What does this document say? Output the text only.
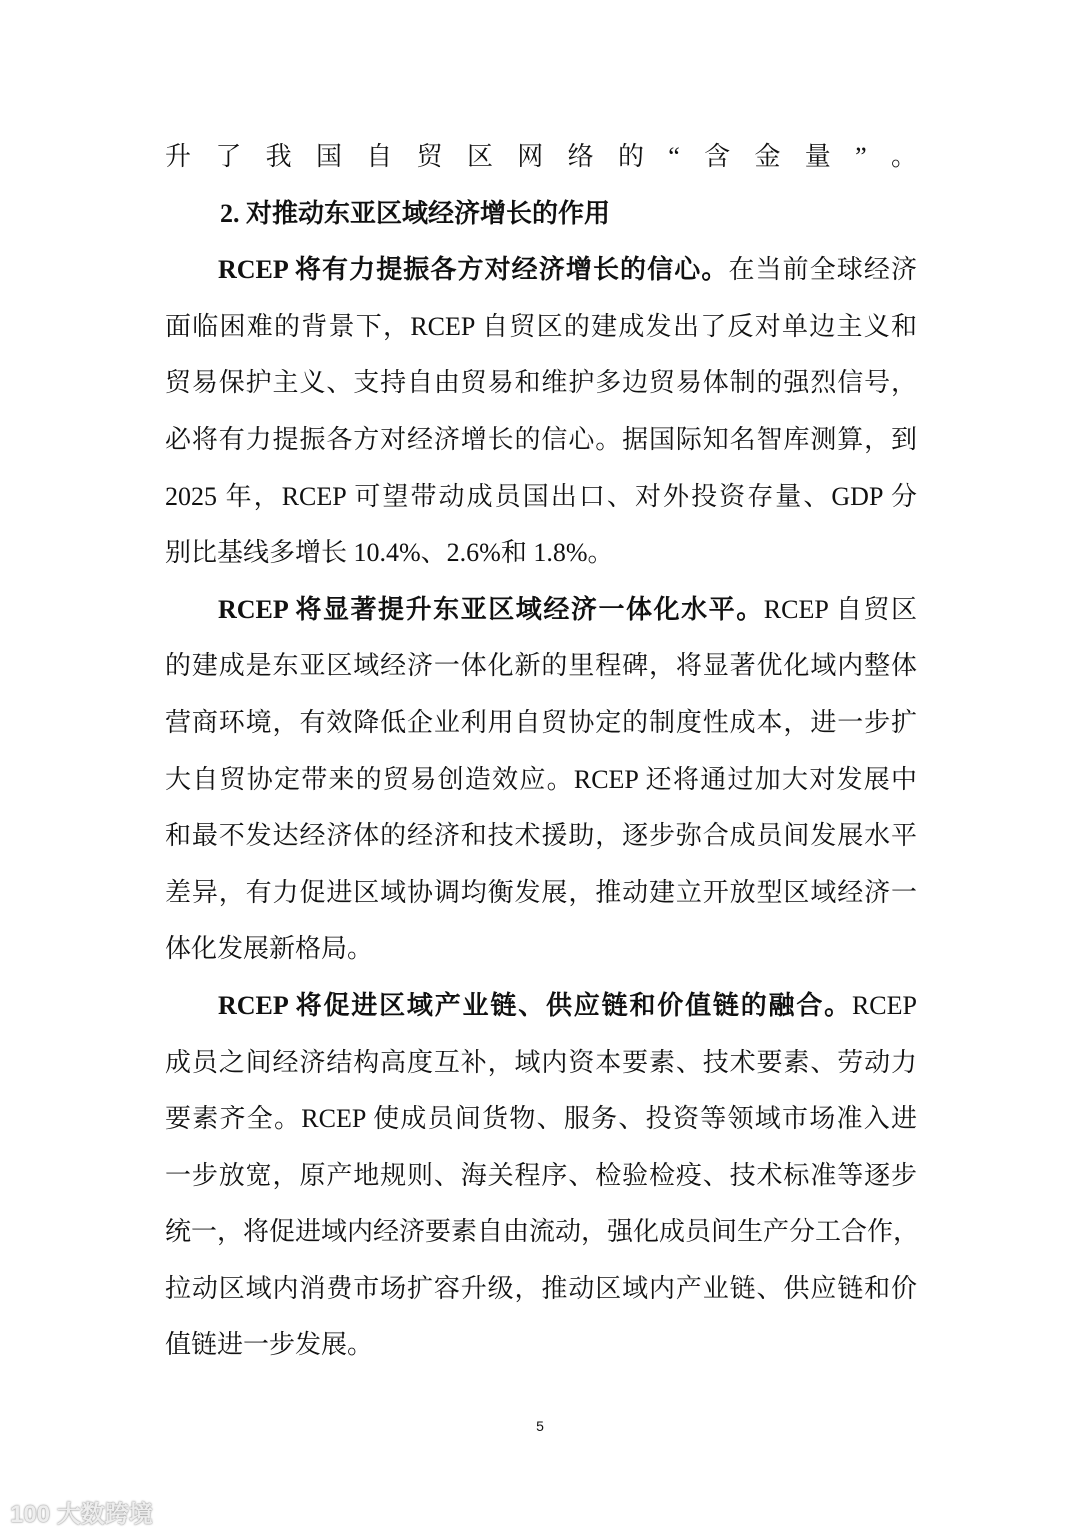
升了我国自贸区网络的“含金量”。
2. 对推动东亚区域经济增长的作用
RCEP 将有力提振各方对经济增长的信心。在当前全球经济
面临困难的背景下，RCEP 自贸区的建成发出了反对单边主义和
贸易保护主义、支持自由贸易和维护多边贸易体制的强烈信号，
必将有力提振各方对经济增长的信心。据国际知名智库测算，到
2025 年，RCEP 可望带动成员国出口、对外投资存量、GDP 分
别比基线多增长 10.4%、2.6%和 1.8%。
RCEP 将显著提升东亚区域经济一体化水平。RCEP 自贸区
的建成是东亚区域经济一体化新的里程碑，将显著优化域内整体
营商环境，有效降低企业利用自贸协定的制度性成本，进一步扩
大自贸协定带来的贸易创造效应。RCEP 还将通过加大对发展中
和最不发达经济体的经济和技术援助，逐步弥合成员间发展水平
差异，有力促进区域协调均衡发展，推动建立开放型区域经济一
体化发展新格局。
RCEP 将促进区域产业链、供应链和价值链的融合。RCEP
成员之间经济结构高度互补，域内资本要素、技术要素、劳动力
要素齐全。RCEP 使成员间货物、服务、投资等领域市场准入进
一步放宽，原产地规则、海关程序、检验检疫、技术标准等逐步
统一，将促进域内经济要素自由流动，强化成员间生产分工合作，
拉动区域内消费市场扩容升级，推动区域内产业链、供应链和价
值链进一步发展。
5
100 大数跨境
